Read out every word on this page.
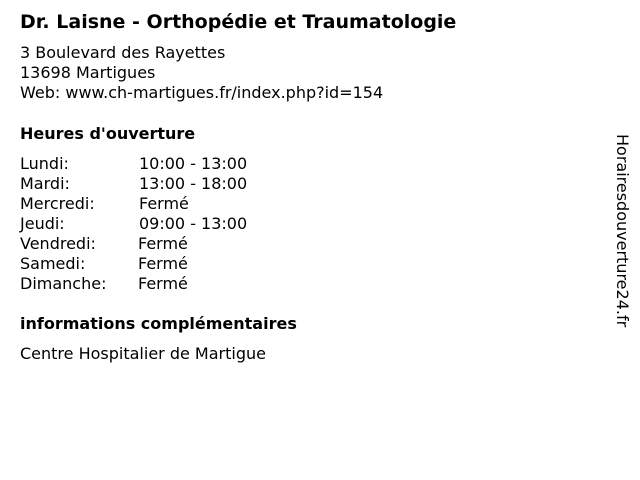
Dr. Laisne - Orthopédie et Traumatologie
3 Boulevard des Rayettes
13698 Martigues
Web: www.ch-martigues.fr/index.php?id=154
Heures d'ouverture
Lundi:	10:00 - 13:00
Mardi:	13:00 - 18:00
Mercredi:	Fermé
Jeudi:	09:00 - 13:00
Vendredi:	Fermé
Samedi:	Fermé
Dimanche: Fermé
informations complémentaires
Centre Hospitalier de Martigue
Horairesdouverture24.fr
